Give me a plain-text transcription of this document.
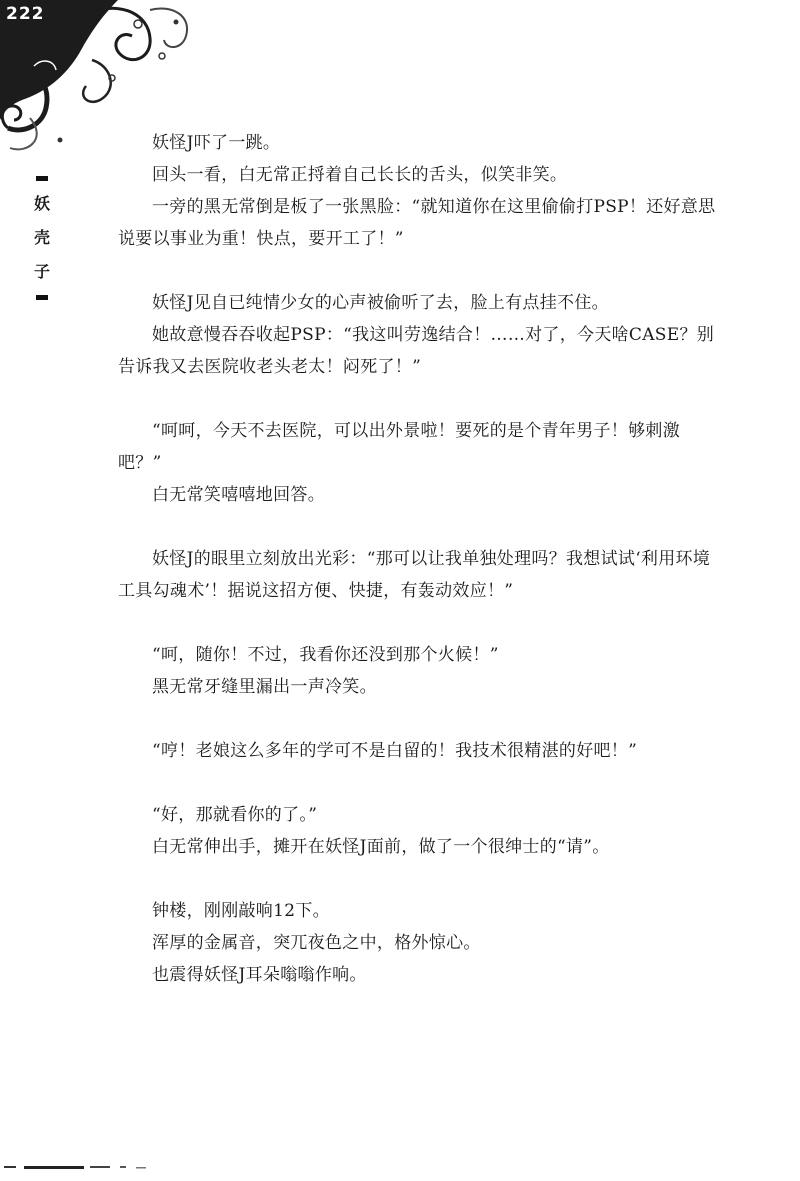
222
妖
壳
子

妖怪J吓了一跳。

回头一看，白无常正捋着自己长长的舌头，似笑非笑。

一旁的黑无常倒是板了一张黑脸：“就知道你在这里偷偷打PSP！还好意思说要以事业为重！快点，要开工了！”

妖怪J见自已纯情少女的心声被偷听了去，脸上有点挂不住。

她故意慢吞吞收起PSP：“我这叫劳逸结合！……对了，今天啥CASE？别告诉我又去医院收老头老太！闷死了！”

“呵呵，今天不去医院，可以出外景啦！要死的是个青年男子！够刺激吧？”

白无常笑嘻嘻地回答。

妖怪J的眼里立刻放出光彩：“那可以让我单独处理吗？我想试试‘利用环境工具勾魂术’！据说这招方便、快捷，有轰动效应！”

“呵，随你！不过，我看你还没到那个火候！”

黑无常牙缝里漏出一声冷笑。

“哼！老娘这么多年的学可不是白留的！我技术很精湛的好吧！”

“好，那就看你的了。”

白无常伸出手，摊开在妖怪J面前，做了一个很绅士的“请”。

钟楼，刚刚敲响12下。

浑厚的金属音，突兀夜色之中，格外惊心。

也震得妖怪J耳朵嗡嗡作响。
